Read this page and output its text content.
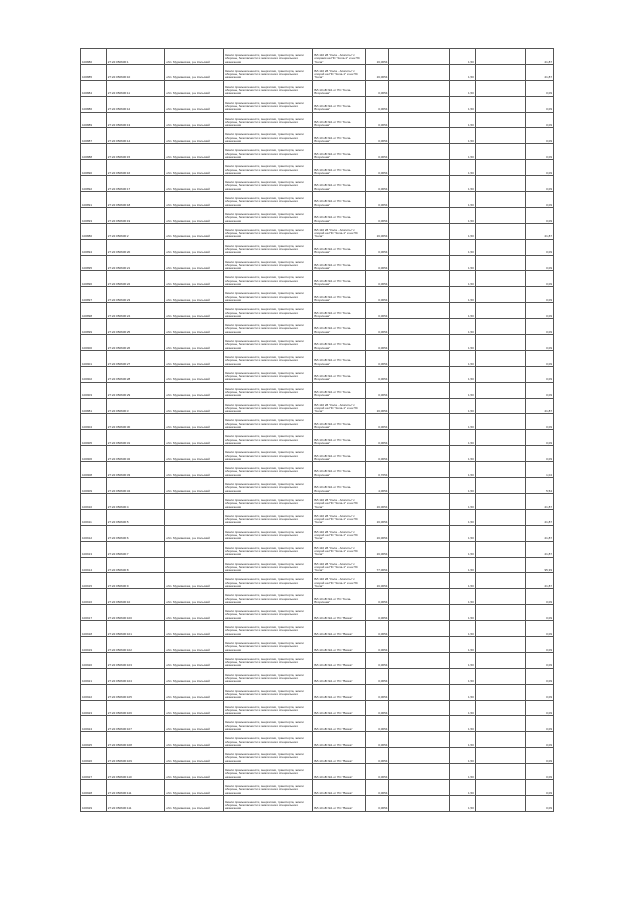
100880	27:22:050606:1	обл. Мурманская, р-н Кольский	Земли промышленности, энергетики, транспорта, земли обороны, безопасности и земли иного специального назначения	ВЛ-110 кВ "Кола - Апатиты" с опорами на ПС "Кола-1" и на ПС "Кола"	16,0654		1,50		21,87
100885	27:22:050606:10	обл. Мурманская, р-н Кольский	Земли промышленности, энергетики, транспорта, земли обороны, безопасности и земли иного специального назначения	ВЛ-110 кВ "Кола - Апатиты" с опорой на ПС "Кола-1" и на ПС "Кола"	16,0654		1,50		21,87
100884	27:22:050606:11	обл. Мурманская, р-н Кольский	Земли промышленности, энергетики, транспорта, земли обороны, безопасности и земли иного специального назначения	ВЛ-10 кВ №1 от ПС "Кола-Вторичная"	0,0654		1,50		0,09
100886	27:22:050606:12	обл. Мурманская, р-н Кольский	Земли промышленности, энергетики, транспорта, земли обороны, безопасности и земли иного специального назначения	ВЛ-10 кВ №1 от ПС "Кола-Вторичная"	0,0654		1,50		0,09
100889	27:22:050606:13	обл. Мурманская, р-н Кольский	Земли промышленности, энергетики, транспорта, земли обороны, безопасности и земли иного специального назначения	ВЛ-10 кВ №1 от ПС "Кола-Вторичная"	0,0654		1,50		0,09
100887	27:22:050606:14	обл. Мурманская, р-н Кольский	Земли промышленности, энергетики, транспорта, земли обороны, безопасности и земли иного специального назначения	ВЛ-10 кВ №1 от ПС "Кола-Вторичная"	0,0654		1,50		0,09
100888	27:22:050606:15	обл. Мурманская, р-н Кольский	Земли промышленности, энергетики, транспорта, земли обороны, безопасности и земли иного специального назначения	ВЛ-10 кВ №1 от ПС "Кола-Вторичная"	0,0654		1,50		0,09
100890	27:22:050606:16	обл. Мурманская, р-н Кольский	Земли промышленности, энергетики, транспорта, земли обороны, безопасности и земли иного специального назначения	ВЛ-10 кВ №1 от ПС "Кола-Вторичная"	0,0654		1,50		0,09
100892	27:22:050606:17	обл. Мурманская, р-н Кольский	Земли промышленности, энергетики, транспорта, земли обороны, безопасности и земли иного специального назначения	ВЛ-10 кВ №1 от ПС "Кола-Вторичная"	0,0654		1,50		0,09
100891	27:22:050606:18	обл. Мурманская, р-н Кольский	Земли промышленности, энергетики, транспорта, земли обороны, безопасности и земли иного специального назначения	ВЛ-10 кВ №1 от ПС "Кола-Вторичная"	0,0654		1,50		0,09
100893	27:22:050606:19	обл. Мурманская, р-н Кольский	Земли промышленности, энергетики, транспорта, земли обороны, безопасности и земли иного специального назначения	ВЛ-10 кВ №1 от ПС "Кола-Вторичная"	0,0654		1,50		0,09
100880	27:22:050606:2	обл. Мурманская, р-н Кольский	Земли промышленности, энергетики, транспорта, земли обороны, безопасности и земли иного специального назначения	ВЛ-110 кВ "Кола - Апатиты" с опорой на ПС "Кола-1" и на ПС "Кола"	16,0654		1,50		21,87
100894	27:22:050606:20	обл. Мурманская, р-н Кольский	Земли промышленности, энергетики, транспорта, земли обороны, безопасности и земли иного специального назначения	ВЛ-10 кВ №1 от ПС "Кола-Вторичная"	0,0654		1,50		0,09
100895	27:22:050606:21	обл. Мурманская, р-н Кольский	Земли промышленности, энергетики, транспорта, земли обороны, безопасности и земли иного специального назначения	ВЛ-10 кВ №1 от ПС "Кола-Вторичная"	0,0654		1,50		0,09
100896	27:22:050606:22	обл. Мурманская, р-н Кольский	Земли промышленности, энергетики, транспорта, земли обороны, безопасности и земли иного специального назначения	ВЛ-10 кВ №1 от ПС "Кола-Вторичная"	0,0654		1,50		0,09
100897	27:22:050606:23	обл. Мурманская, р-н Кольский	Земли промышленности, энергетики, транспорта, земли обороны, безопасности и земли иного специального назначения	ВЛ-10 кВ №1 от ПС "Кола-Вторичная"	0,0654		1,50		0,09
100898	27:22:050606:24	обл. Мурманская, р-н Кольский	Земли промышленности, энергетики, транспорта, земли обороны, безопасности и земли иного специального назначения	ВЛ-10 кВ №1 от ПС "Кола-Вторичная"	0,0654		1,50		0,09
100899	27:22:050606:25	обл. Мурманская, р-н Кольский	Земли промышленности, энергетики, транспорта, земли обороны, безопасности и земли иного специального назначения	ВЛ-10 кВ №1 от ПС "Кола-Вторичная"	0,0654		1,50		0,09
100900	27:22:050606:26	обл. Мурманская, р-н Кольский	Земли промышленности, энергетики, транспорта, земли обороны, безопасности и земли иного специального назначения	ВЛ-10 кВ №1 от ПС "Кола-Вторичная"	0,0654		1,50		0,09
100901	27:22:050606:27	обл. Мурманская, р-н Кольский	Земли промышленности, энергетики, транспорта, земли обороны, безопасности и земли иного специального назначения	ВЛ-10 кВ №1 от ПС "Кола-Вторичная"	0,0654		1,50		0,09
100902	27:22:050606:28	обл. Мурманская, р-н Кольский	Земли промышленности, энергетики, транспорта, земли обороны, безопасности и земли иного специального назначения	ВЛ-10 кВ №1 от ПС "Кола-Вторичная"	0,0654		1,50		0,09
100903	27:22:050606:29	обл. Мурманская, р-н Кольский	Земли промышленности, энергетики, транспорта, земли обороны, безопасности и земли иного специального назначения	ВЛ-10 кВ №1 от ПС "Кола-Вторичная"	0,0654		1,50		0,09
100881	27:22:050606:3	обл. Мурманская, р-н Кольский	Земли промышленности, энергетики, транспорта, земли обороны, безопасности и земли иного специального назначения	ВЛ-110 кВ "Кола - Апатиты" с опорой на ПС "Кола-1" и на ПС "Кола"	16,0654		1,50		21,87
100904	27:22:050606:30	обл. Мурманская, р-н Кольский	Земли промышленности, энергетики, транспорта, земли обороны, безопасности и земли иного специального назначения	ВЛ-10 кВ №1 от ПС "Кола-Вторичная"	0,0654		1,50		0,09
100905	27:22:050606:31	обл. Мурманская, р-н Кольский	Земли промышленности, энергетики, транспорта, земли обороны, безопасности и земли иного специального назначения	ВЛ-10 кВ №1 от ПС "Кола-Вторичная"	0,0654		1,50		0,09
100906	27:22:050606:32	обл. Мурманская, р-н Кольский	Земли промышленности, энергетики, транспорта, земли обороны, безопасности и земли иного специального назначения	ВЛ-10 кВ №1 от ПС "Кола-Вторичная"	0,0654		1,50		0,09
100908	27:22:050606:33	обл. Мурманская, р-н Кольский	Земли промышленности, энергетики, транспорта, земли обороны, безопасности и земли иного специального назначения	ВЛ-10 кВ №1 от ПС "Кола-Вторичная"	0,7654		1,50		1,04
100909	27:22:050606:34	обл. Мурманская, р-н Кольский	Земли промышленности, энергетики, транспорта, земли обороны, безопасности и земли иного специального назначения	ВЛ-10 кВ №1 от ПС "Кола-Вторичная"	4,0654		1,50		5,54
100910	27:22:050606:4		Земли промышленности, энергетики, транспорта, земли обороны, безопасности и земли иного специального назначения	ВЛ-110 кВ "Кола - Апатиты" с опорой на ПС "Кола-1" и на ПС "Кола"	16,0654		1,50		21,87
100911	27:22:050606:5		Земли промышленности, энергетики, транспорта, земли обороны, безопасности и земли иного специального назначения	ВЛ-110 кВ "Кола - Апатиты" с опорой на ПС "Кола-1" и на ПС "Кола"	16,0654		1,50		21,87
100912	27:22:050606:6	обл. Мурманская, р-н Кольский	Земли промышленности, энергетики, транспорта, земли обороны, безопасности и земли иного специального назначения	ВЛ-110 кВ "Кола - Апатиты" с опорой на ПС "Кола-1" и на ПС "Кола"	16,0654		1,50		21,87
100913	27:22:050606:7		Земли промышленности, энергетики, транспорта, земли обороны, безопасности и земли иного специального назначения	ВЛ-110 кВ "Кола - Апатиты" с опорой на ПС "Кола-1" и на ПС "Кола"	16,0654		1,50		21,87
100914	27:22:050606:8		Земли промышленности, энергетики, транспорта, земли обороны, безопасности и земли иного специального назначения	ВЛ-110 кВ "Кола - Апатиты" с опорой на ПС "Кола-1" и на ПС "Кола"	77,0654		1,50		95,39
100915	27:22:050606:9	обл. Мурманская, р-н Кольский	Земли промышленности, энергетики, транспорта, земли обороны, безопасности и земли иного специального назначения	ВЛ-110 кВ "Кола - Апатиты" с опорой на ПС "Кола-1" и на ПС "Кола"	16,0654		1,50		21,87
100916	27:22:050606:10	обл. Мурманская, р-н Кольский	Земли промышленности, энергетики, транспорта, земли обороны, безопасности и земли иного специального назначения	ВЛ-10 кВ №1 от ПС "Кола-Вторичная"	0,0654		1,50		0,09
100917	27:22:050606:100	обл. Мурманская, р-н Кольский	Земли промышленности, энергетики, транспорта, земли обороны, безопасности и земли иного специального назначения	ВЛ-10 кВ №1 от ПС "Вязка"	0,0654		1,50		0,09
100918	27:22:050606:101	обл. Мурманская, р-н Кольский	Земли промышленности, энергетики, транспорта, земли обороны, безопасности и земли иного специального назначения	ВЛ-10 кВ №1 от ПС "Вязка"	0,0654		1,50		0,09
100919	27:22:050606:102	обл. Мурманская, р-н Кольский	Земли промышленности, энергетики, транспорта, земли обороны, безопасности и земли иного специального назначения	ВЛ-10 кВ №1 от ПС "Вязка"	0,0654		1,50		0,09
100920	27:22:050606:103	обл. Мурманская, р-н Кольский	Земли промышленности, энергетики, транспорта, земли обороны, безопасности и земли иного специального назначения	ВЛ-10 кВ №1 от ПС "Вязка"	0,0654		1,50		0,09
100921	27:22:050606:104	обл. Мурманская, р-н Кольский	Земли промышленности, энергетики, транспорта, земли обороны, безопасности и земли иного специального назначения	ВЛ-10 кВ №1 от ПС "Вязка"	0,0654		1,50		0,09
100922	27:22:050606:105	обл. Мурманская, р-н Кольский	Земли промышленности, энергетики, транспорта, земли обороны, безопасности и земли иного специального назначения	ВЛ-10 кВ №1 от ПС "Вязка"	0,0654		1,50		0,09
100923	27:22:050606:106	обл. Мурманская, р-н Кольский	Земли промышленности, энергетики, транспорта, земли обороны, безопасности и земли иного специального назначения	ВЛ-10 кВ №1 от ПС "Вязка"	0,0654		1,50		0,09
100924	27:22:050606:107	обл. Мурманская, р-н Кольский	Земли промышленности, энергетики, транспорта, земли обороны, безопасности и земли иного специального назначения	ВЛ-10 кВ №1 от ПС "Вязка"	0,0654		1,50		0,09
100925	27:22:050606:108	обл. Мурманская, р-н Кольский	Земли промышленности, энергетики, транспорта, земли обороны, безопасности и земли иного специального назначения	ВЛ-10 кВ №1 от ПС "Вязка"	0,0654		1,50		0,09
100926	27:22:050606:109	обл. Мурманская, р-н Кольский	Земли промышленности, энергетики, транспорта, земли обороны, безопасности и земли иного специального назначения	ВЛ-10 кВ №1 от ПС "Вязка"	0,0654		1,50		0,09
100927	27:22:050606:110	обл. Мурманская, р-н Кольский	Земли промышленности, энергетики, транспорта, земли обороны, безопасности и земли иного специального назначения	ВЛ-10 кВ №1 от ПС "Вязка"	0,0654		1,50		0,09
100928	27:22:050606:111	обл. Мурманская, р-н Кольский	Земли промышленности, энергетики, транспорта, земли обороны, безопасности и земли иного специального назначения	ВЛ-10 кВ №1 от ПС "Вязка"	0,0654		1,50		0,09
100929	27:22:050606:111	обл. Мурманская, р-н Кольский	Земли промышленности, энергетики, транспорта, земли обороны, безопасности и земли иного специального назначения	ВЛ-10 кВ №1 от ПС "Вязка"	0,0654		1,50		0,09
